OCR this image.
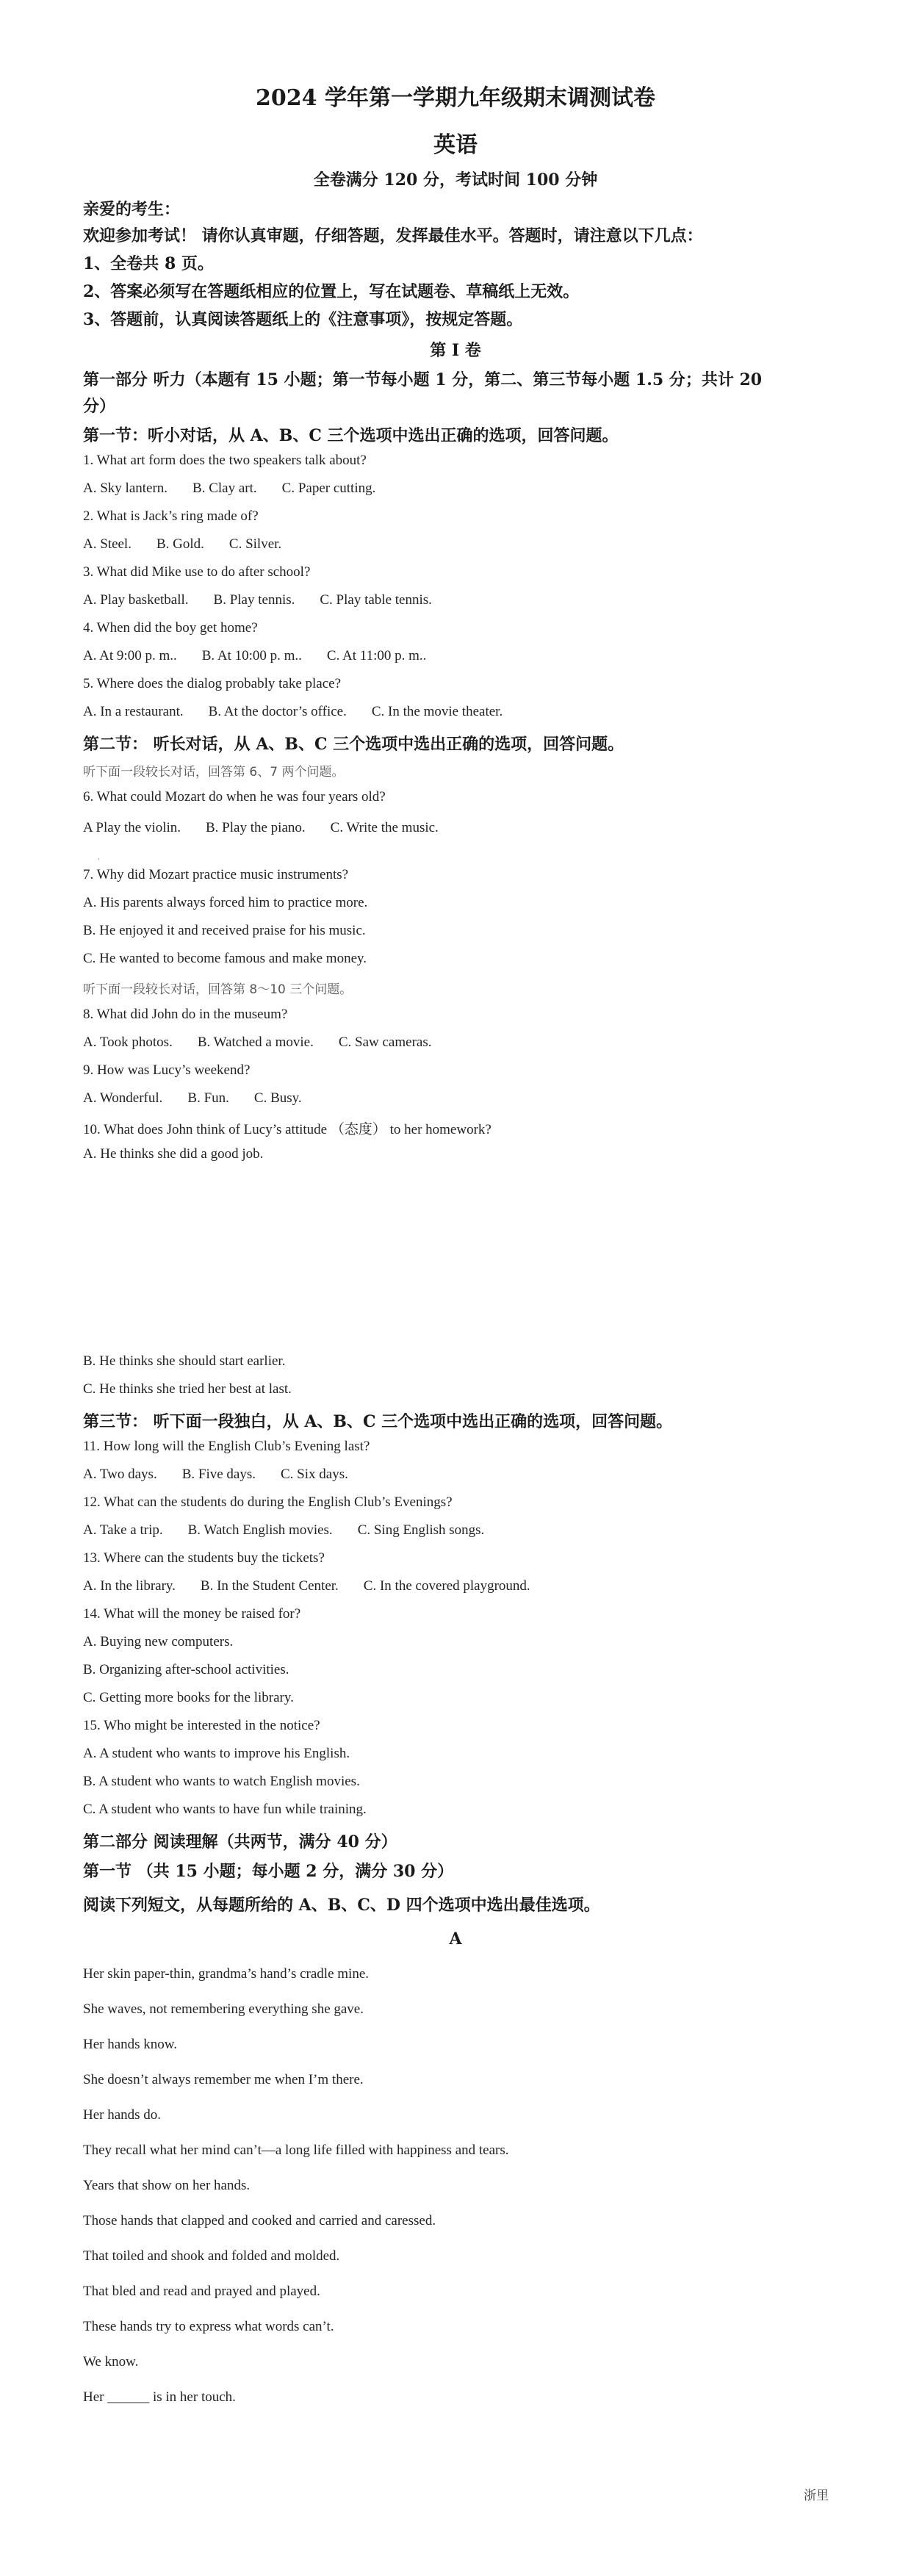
2024 学年第一学期九年级期末调测试卷
英语
全卷满分 120 分，考试时间 100 分钟
亲爱的考生：
欢迎参加考试！ 请你认真审题，仔细答题，发挥最佳水平。答题时，请注意以下几点：
1、全卷共 8 页。
2、答案必须写在答题纸相应的位置上，写在试题卷、草稿纸上无效。
3、答题前，认真阅读答题纸上的《注意事项》，按规定答题。
第 I 卷
第一部分 听力（本题有 15 小题；第一节每小题 1 分，第二、第三节每小题 1.5 分；共计 20
分）
第一节：听小对话，从 A、B、C 三个选项中选出正确的选项，回答问题。
1. What art form does the two speakers talk about?
A. Sky lantern. B. Clay art. C. Paper cutting.
2. What is Jack’s ring made of?
A. Steel. B. Gold. C. Silver.
3. What did Mike use to do after school?
A. Play basketball. B. Play tennis. C. Play table tennis.
4. When did the boy get home?
A. At 9:00 p. m.. B. At 10:00 p. m.. C. At 11:00 p. m..
5. Where does the dialog probably take place?
A. In a restaurant. B. At the doctor’s office. C. In the movie theater.
第二节： 听长对话，从 A、B、C 三个选项中选出正确的选项，回答问题。
听下面一段较长对话，回答第 6、7 两个问题。
6. What could Mozart do when he was four years old?
A Play the violin. B. Play the piano. C. Write the music.
'
7. Why did Mozart practice music instruments?
A. His parents always forced him to practice more.
B. He enjoyed it and received praise for his music.
C. He wanted to become famous and make money.
听下面一段较长对话，回答第 8～10 三个问题。
8. What did John do in the museum?
A. Took photos. B. Watched a movie. C. Saw cameras.
9. How was Lucy’s weekend?
A. Wonderful. B. Fun. C. Busy.
10. What does John think of Lucy’s attitude （态度） to her homework?
A. He thinks she did a good job.
B. He thinks she should start earlier.
C. He thinks she tried her best at last.
第三节： 听下面一段独白，从 A、B、C 三个选项中选出正确的选项，回答问题。
11. How long will the English Club’s Evening last?
A. Two days. B. Five days. C. Six days.
12. What can the students do during the English Club’s Evenings?
A. Take a trip. B. Watch English movies. C. Sing English songs.
13. Where can the students buy the tickets?
A. In the library. B. In the Student Center. C. In the covered playground.
14. What will the money be raised for?
A. Buying new computers.
B. Organizing after-school activities.
C. Getting more books for the library.
15. Who might be interested in the notice?
A. A student who wants to improve his English.
B. A student who wants to watch English movies.
C. A student who wants to have fun while training.
第二部分 阅读理解（共两节，满分 40 分）
第一节 （共 15 小题；每小题 2 分，满分 30 分）
阅读下列短文，从每题所给的 A、B、C、D 四个选项中选出最佳选项。
A
Her skin paper-thin, grandma’s hand’s cradle mine.
She waves, not remembering everything she gave.
Her hands know.
She doesn’t always remember me when I’m there.
Her hands do.
They recall what her mind can’t—a long life filled with happiness and tears.
Years that show on her hands.
Those hands that clapped and cooked and carried and caressed.
That toiled and shook and folded and molded.
That bled and read and prayed and played.
These hands try to express what words can’t.
We know.
Her ______ is in her touch.
浙里
